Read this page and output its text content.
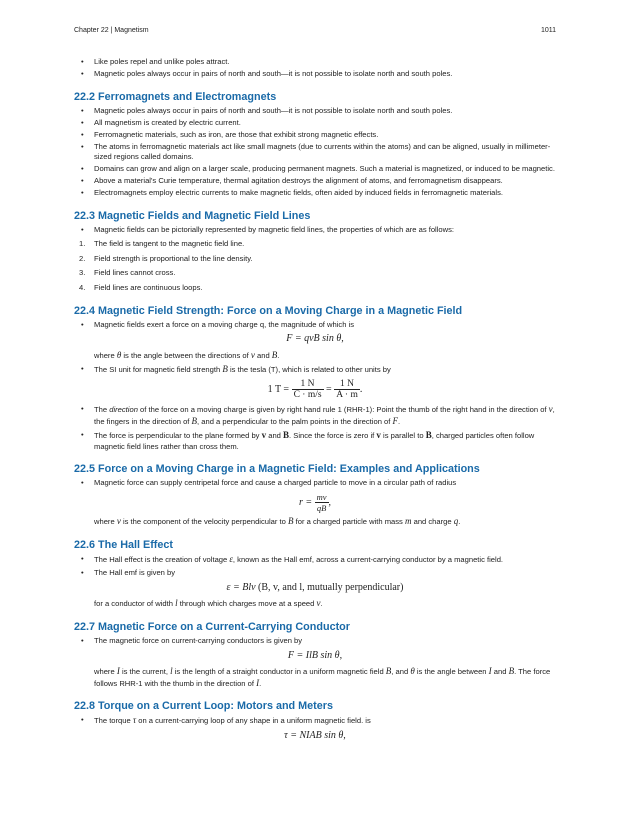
Chapter 22 | Magnetism	1011
• Like poles repel and unlike poles attract.
• Magnetic poles always occur in pairs of north and south—it is not possible to isolate north and south poles.
22.2 Ferromagnets and Electromagnets
• Magnetic poles always occur in pairs of north and south—it is not possible to isolate north and south poles.
• All magnetism is created by electric current.
• Ferromagnetic materials, such as iron, are those that exhibit strong magnetic effects.
• The atoms in ferromagnetic materials act like small magnets (due to currents within the atoms) and can be aligned, usually in millimeter-sized regions called domains.
• Domains can grow and align on a larger scale, producing permanent magnets. Such a material is magnetized, or induced to be magnetic.
• Above a material's Curie temperature, thermal agitation destroys the alignment of atoms, and ferromagnetism disappears.
• Electromagnets employ electric currents to make magnetic fields, often aided by induced fields in ferromagnetic materials.
22.3 Magnetic Fields and Magnetic Field Lines
• Magnetic fields can be pictorially represented by magnetic field lines, the properties of which are as follows:
1. The field is tangent to the magnetic field line.
2. Field strength is proportional to the line density.
3. Field lines cannot cross.
4. Field lines are continuous loops.
22.4 Magnetic Field Strength: Force on a Moving Charge in a Magnetic Field
• Magnetic fields exert a force on a moving charge q, the magnitude of which is
F = qvB sin θ,
where θ is the angle between the directions of v and B.
• The SI unit for magnetic field strength B is the tesla (T), which is related to other units by
1 $T = \frac{1 N}{C \cdot m/s} = \frac{1 N}{A \cdot m}$ .
• The direction of the force on a moving charge is given by right hand rule 1 (RHR-1): Point the thumb of the right hand in the direction of v, the fingers in the direction of B, and a perpendicular to the palm points in the direction of F.
• The force is perpendicular to the plane formed by v and B. Since the force is zero if v is parallel to B, charged particles often follow magnetic field lines rather than cross them.
22.5 Force on a Moving Charge in a Magnetic Field: Examples and Applications
• Magnetic force can supply centripetal force and cause a charged particle to move in a circular path of radius
$r = \frac{mv}{qB}$ ,
where v is the component of the velocity perpendicular to B for a charged particle with mass m and charge q.
22.6 The Hall Effect
• The Hall effect is the creation of voltage ε, known as the Hall emf, across a current-carrying conductor by a magnetic field.
• The Hall emf is given by
ε = Blv (B, v, and l, mutually perpendicular)
for a conductor of width l through which charges move at a speed v.
22.7 Magnetic Force on a Current-Carrying Conductor
• The magnetic force on current-carrying conductors is given by
F = IlB sin θ,
where I is the current, l is the length of a straight conductor in a uniform magnetic field B, and θ is the angle between I and B. The force follows RHR-1 with the thumb in the direction of I.
22.8 Torque on a Current Loop: Motors and Meters
• The torque τ on a current-carrying loop of any shape in a uniform magnetic field. is
τ = NIAB sin θ,
